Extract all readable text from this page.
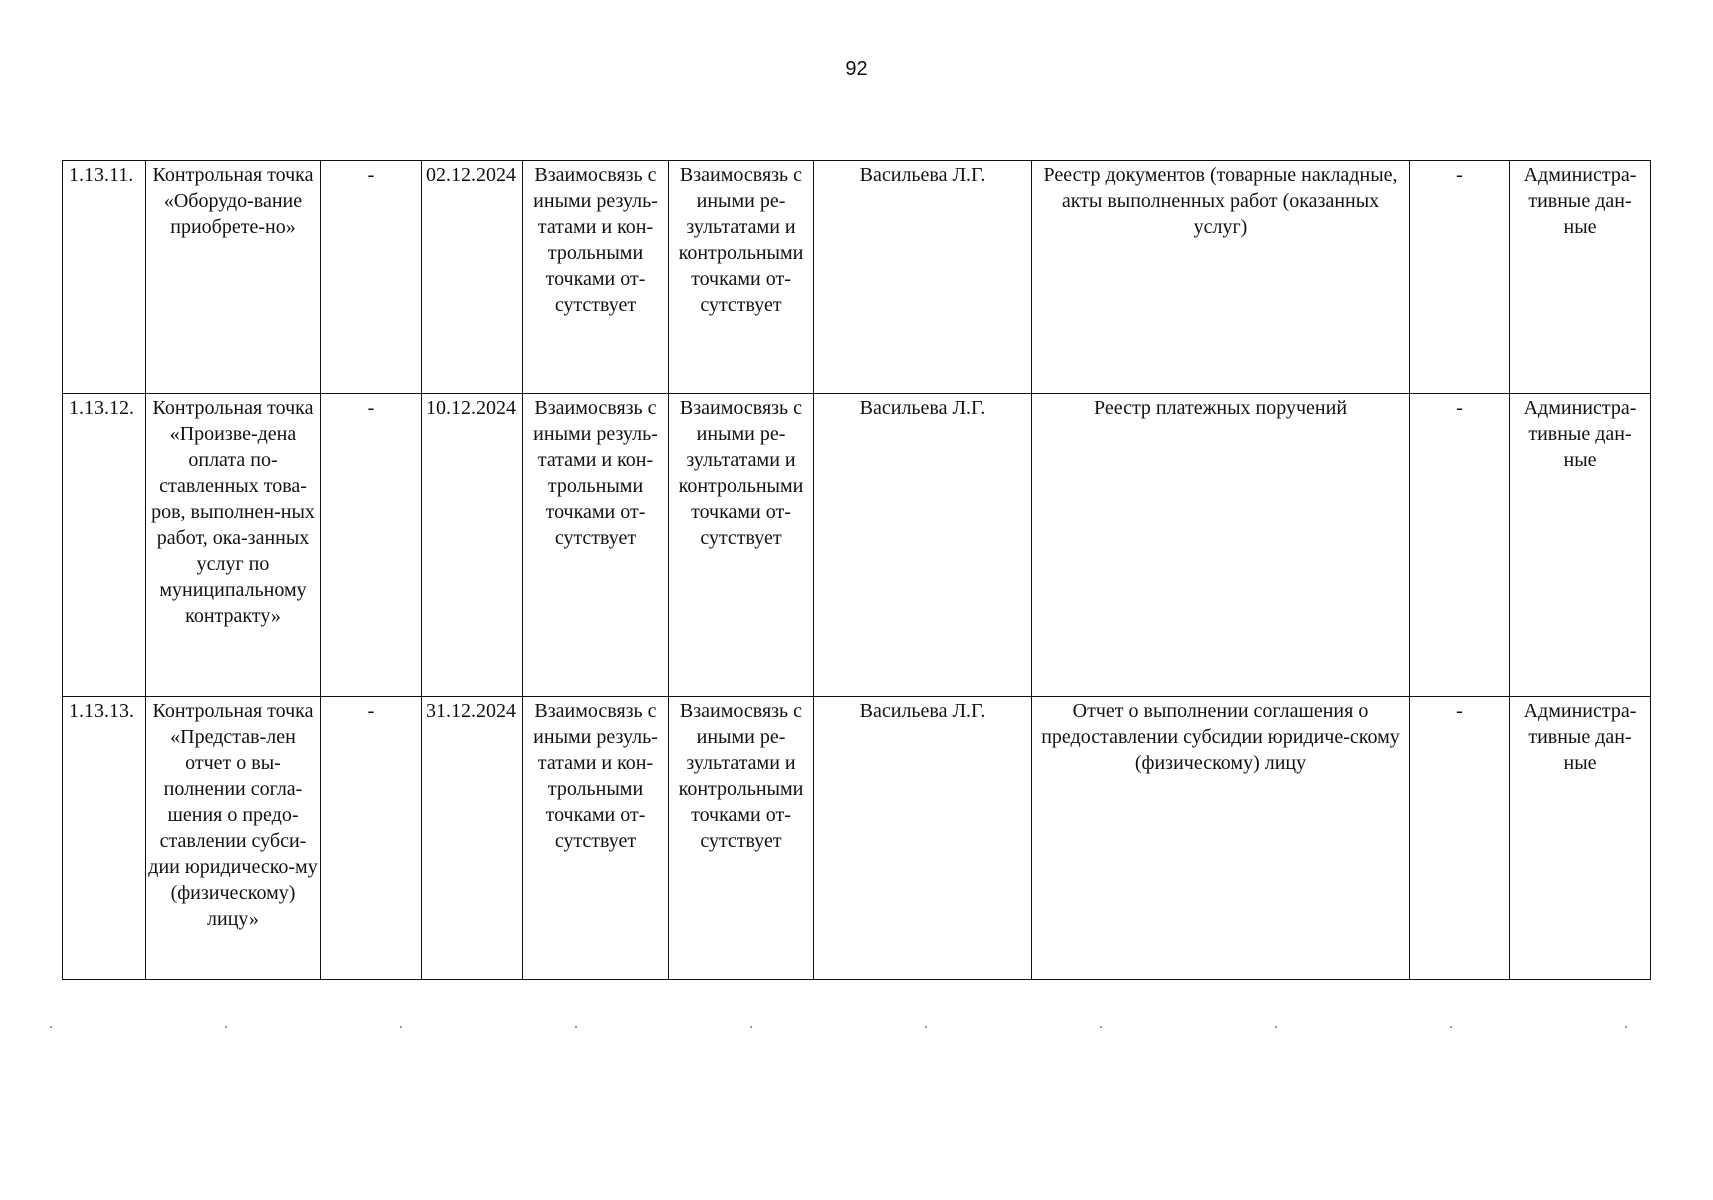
92
1.13.11.	Контрольная точка «Оборудо-вание приобрете-но»	-	02.12.2024	Взаимосвязь с иными резуль-татами и кон-трольными точками от-сутствует	Взаимосвязь с иными ре-зультатами и контрольными точками от-сутствует	Васильева Л.Г.	Реестр документов (товарные накладные, акты выполненных работ (оказанных услуг)	-	Администра-тивные дан-ные
1.13.12.	Контрольная точка «Произве-дена оплата по-ставленных това-ров, выполнен-ных работ, ока-занных услуг по муниципальному контракту»	-	10.12.2024	Взаимосвязь с иными резуль-татами и кон-трольными точками от-сутствует	Взаимосвязь с иными ре-зультатами и контрольными точками от-сутствует	Васильева Л.Г.	Реестр платежных поручений	-	Администра-тивные дан-ные
1.13.13.	Контрольная точка «Представ-лен отчет о вы-полнении согла-шения о предо-ставлении субси-дии юридическо-му (физическому) лицу»	-	31.12.2024	Взаимосвязь с иными резуль-татами и кон-трольными точками от-сутствует	Взаимосвязь с иными ре-зультатами и контрольными точками от-сутствует	Васильева Л.Г.	Отчет о выполнении соглашения о предоставлении субсидии юридиче-скому (физическому) лицу	-	Администра-тивные дан-ные
